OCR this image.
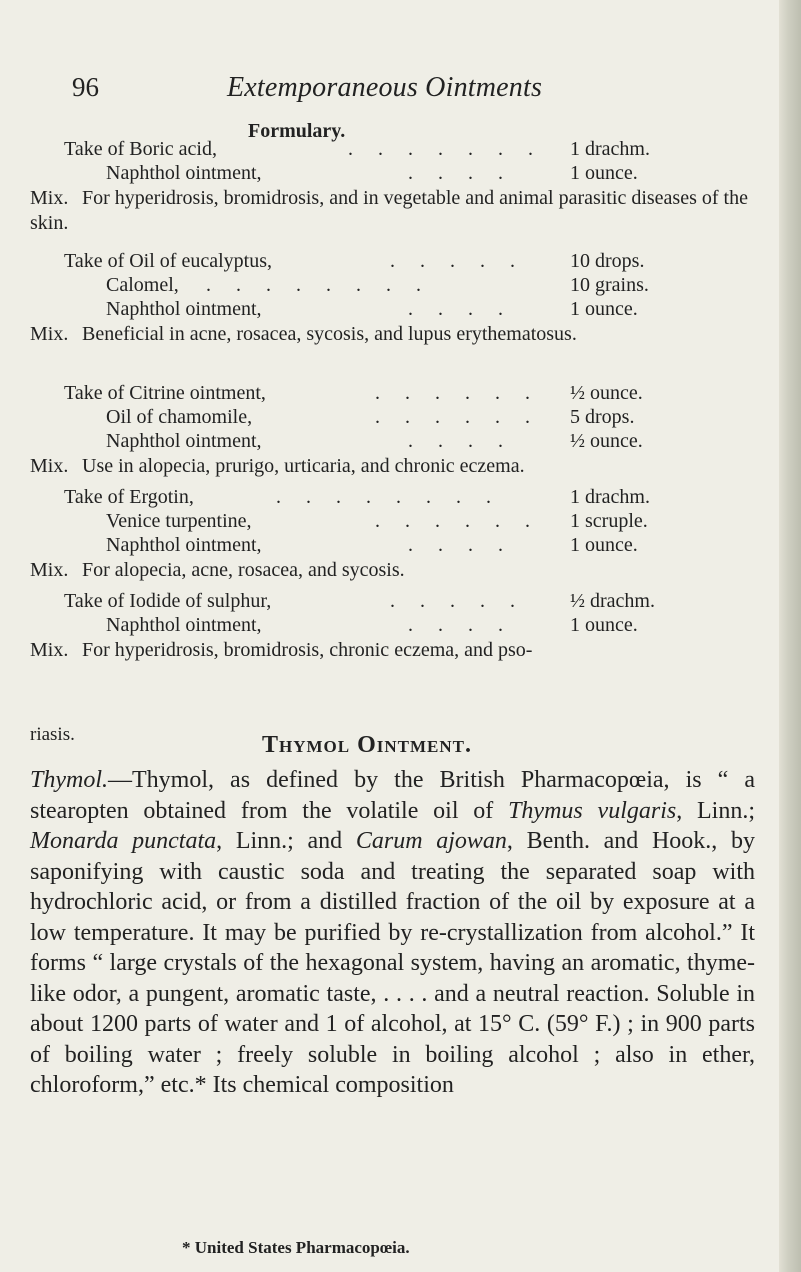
96	Extemporaneous Ointments
Formulary.
Take of Boric acid,	. . . . . . . 1 drachm.
Naphthol ointment,	. . . .	1 ounce.
Mix. For hyperidrosis, bromidrosis, and in vegetable and animal parasitic diseases of the skin.
Take of Oil of eucalyptus,	. . . . . 10 drops.
Calomel, . . . . . . . .	10 grains.
Naphthol ointment,	. . . .	1 ounce.
Mix. Beneficial in acne, rosacea, sycosis, and lupus erythematosus.
Take of Citrine ointment,	. . . . . . ½ ounce.
Oil of chamomile,	. . . . . . 5 drops.
Naphthol ointment,	. . . .	½ ounce.
Mix. Use in alopecia, prurigo, urticaria, and chronic eczema.
Take of Ergotin,	. . . . . . . .	1 drachm.
Venice turpentine,	. . . . . . 1 scruple.
Naphthol ointment,	. . . .	1 ounce.
Mix. For alopecia, acne, rosacea, and sycosis.
Take of Iodide of sulphur,	. . . . . ½ drachm.
Naphthol ointment,	. . . .	1 ounce.
Mix. For hyperidrosis, bromidrosis, chronic eczema, and pso-
riasis.	Thymol Ointment.
Thymol.—Thymol, as defined by the British Pharmacopœia, is “ a stearopten obtained from the volatile oil of Thymus vulgaris, Linn.; Monarda punctata, Linn.; and Carum ajowan, Benth. and Hook., by saponifying with caustic soda and treating the separated soap with hydrochloric acid, or from a distilled fraction of the oil by exposure at a low temperature. It may be purified by re-crystallization from alcohol.” It forms “ large crystals of the hexagonal system, having an aromatic, thyme-like odor, a pungent, aromatic taste, . . . . and a neutral reaction. Soluble in about 1200 parts of water and 1 of alcohol, at 15° C. (59° F.) ; in 900 parts of boiling water ; freely soluble in boiling alcohol ; also in ether, chloroform,” etc.* Its chemical composition
* United States Pharmacopœia.
